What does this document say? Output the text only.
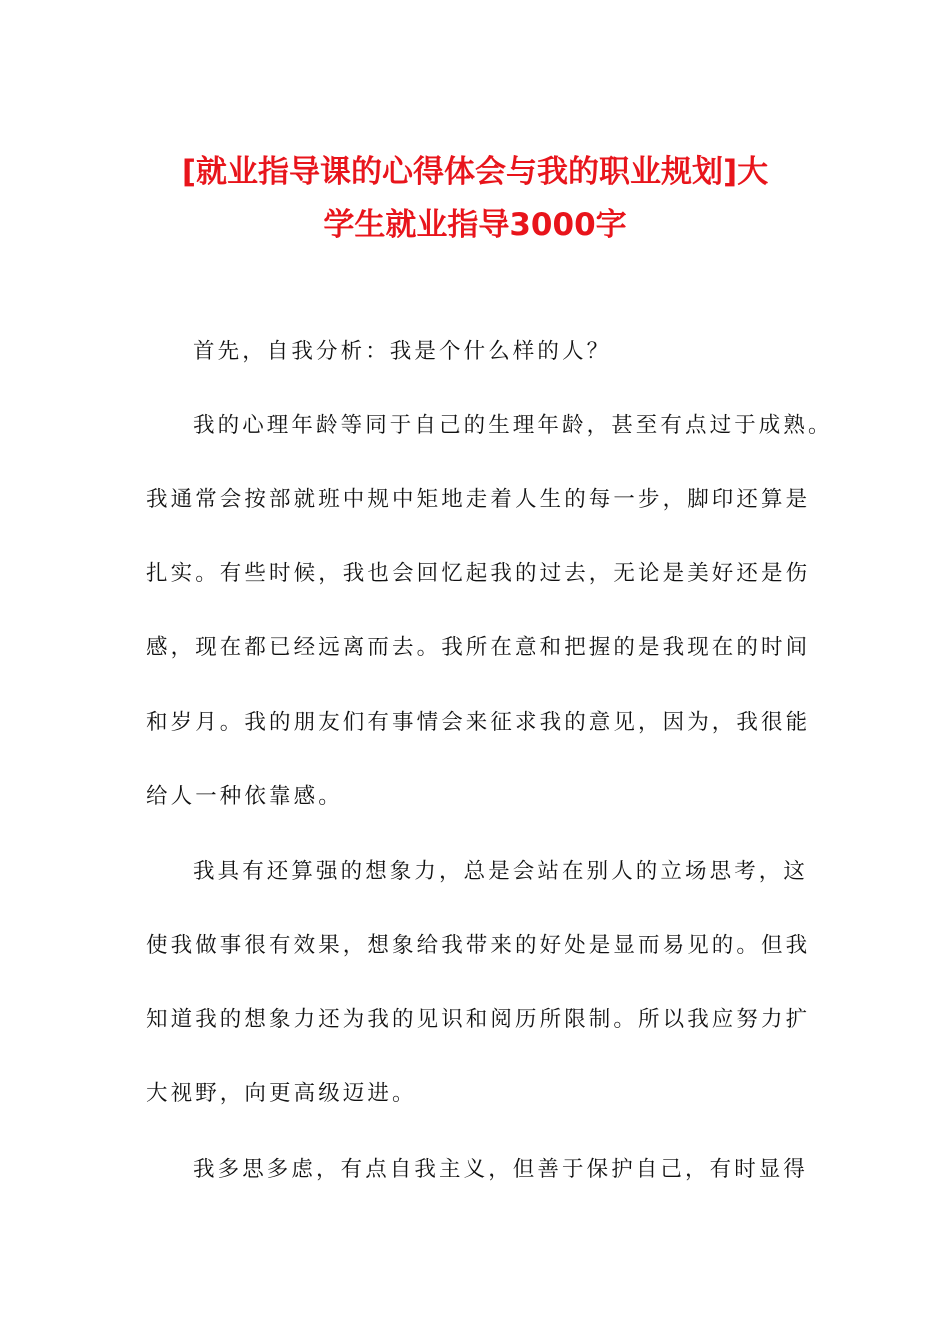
[就业指导课的心得体会与我的职业规划]大
学生就业指导3000字
首先，自我分析：我是个什么样的人？
我的心理年龄等同于自己的生理年龄，甚至有点过于成熟。
我通常会按部就班中规中矩地走着人生的每一步，脚印还算是
扎实。有些时候，我也会回忆起我的过去，无论是美好还是伤
感，现在都已经远离而去。我所在意和把握的是我现在的时间
和岁月。我的朋友们有事情会来征求我的意见，因为，我很能
给人一种依靠感。
我具有还算强的想象力，总是会站在别人的立场思考，这
使我做事很有效果，想象给我带来的好处是显而易见的。但我
知道我的想象力还为我的见识和阅历所限制。所以我应努力扩
大视野，向更高级迈进。
我多思多虑，有点自我主义，但善于保护自己，有时显得
